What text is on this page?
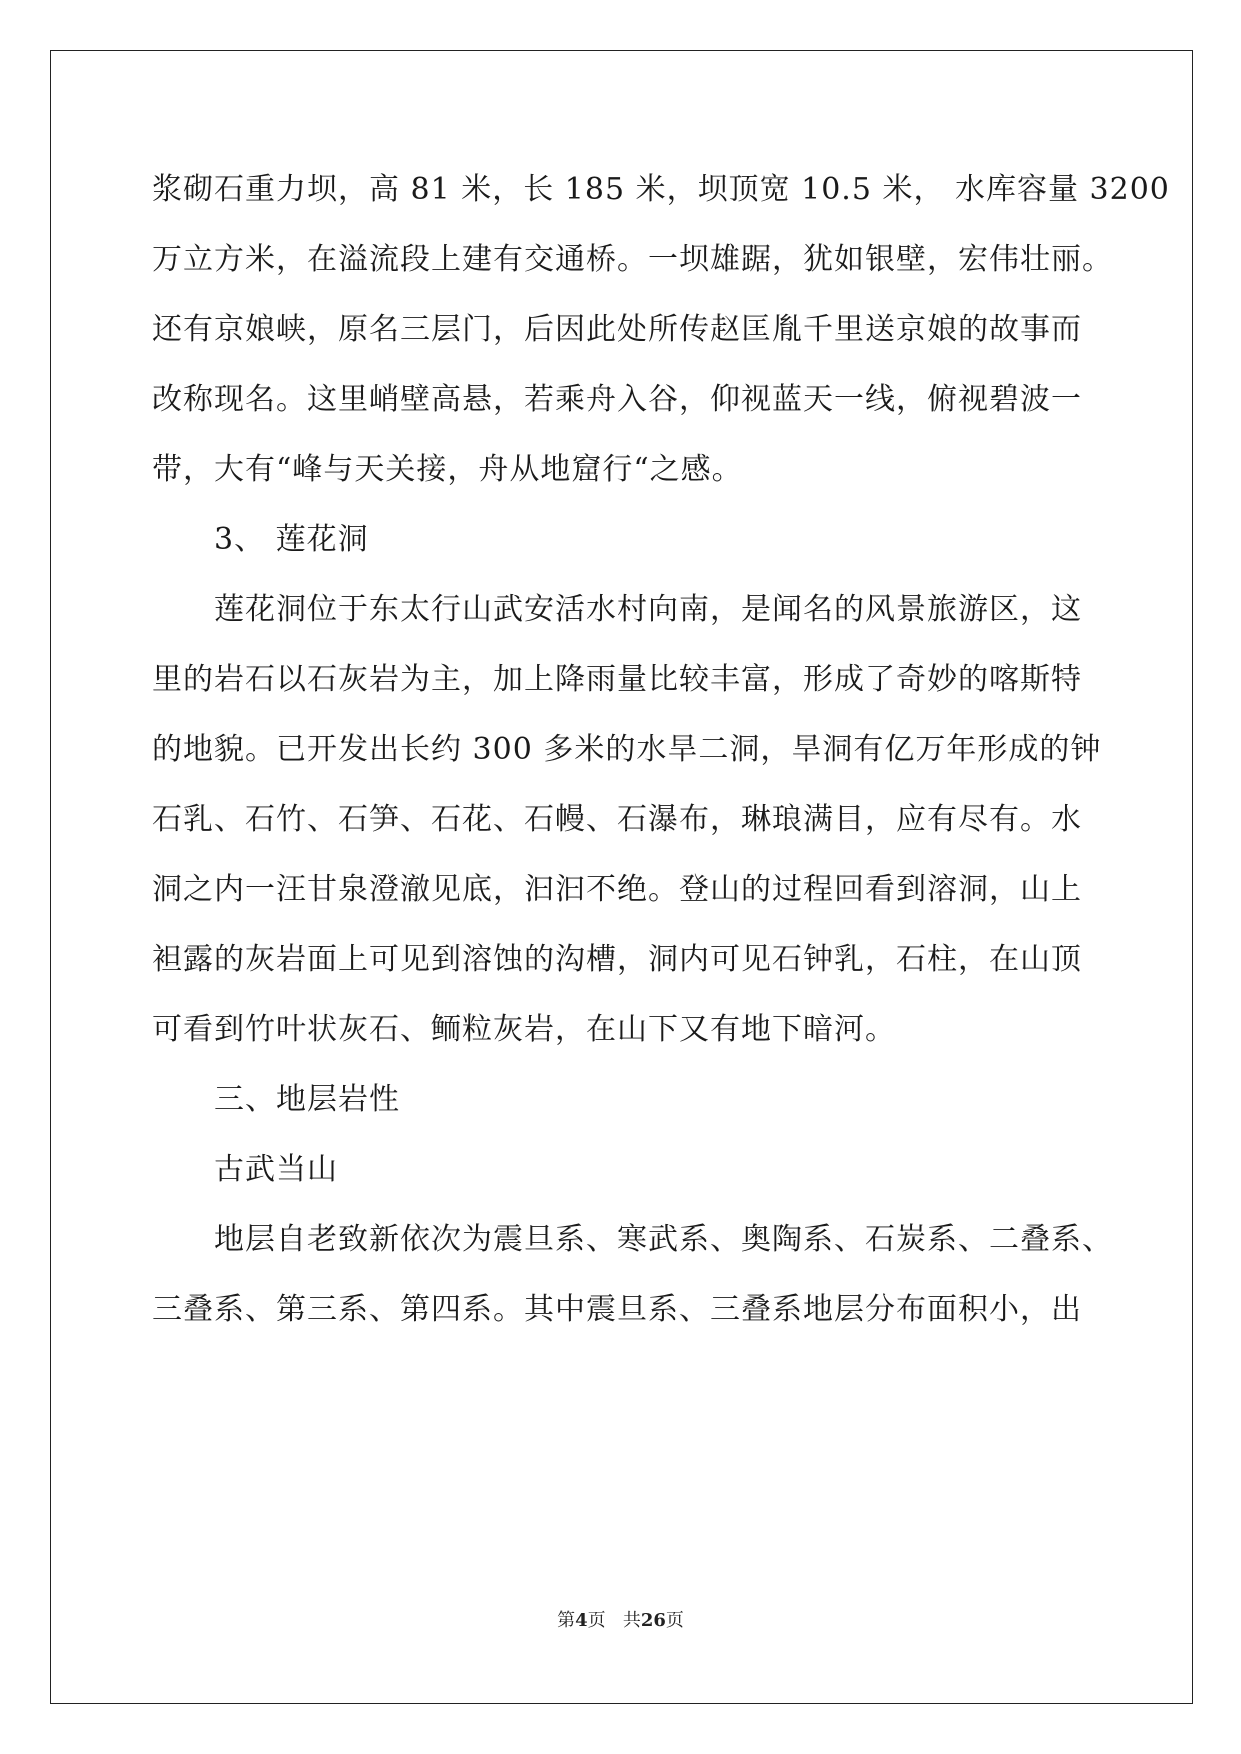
浆砌石重力坝，高 81 米，长 185 米，坝顶宽 10.5 米， 水库容量 3200
万立方米，在溢流段上建有交通桥。一坝雄踞，犹如银壁，宏伟壮丽。
还有京娘峡，原名三层门，后因此处所传赵匡胤千里送京娘的故事而
改称现名。这里峭壁高悬，若乘舟入谷，仰视蓝天一线，俯视碧波一
带，大有“峰与天关接，舟从地窟行“之感。
3、 莲花洞
莲花洞位于东太行山武安活水村向南，是闻名的风景旅游区，这
里的岩石以石灰岩为主，加上降雨量比较丰富，形成了奇妙的喀斯特
的地貌。已开发出长约 300 多米的水旱二洞，旱洞有亿万年形成的钟
石乳、石竹、石笋、石花、石幔、石瀑布，琳琅满目，应有尽有。水
洞之内一汪甘泉澄澈见底，汩汩不绝。登山的过程回看到溶洞，山上
袒露的灰岩面上可见到溶蚀的沟槽，洞内可见石钟乳，石柱，在山顶
可看到竹叶状灰石、鲕粒灰岩，在山下又有地下暗河。
三、地层岩性
古武当山
地层自老致新依次为震旦系、寒武系、奥陶系、石炭系、二叠系、
三叠系、第三系、第四系。其中震旦系、三叠系地层分布面积小，出
第4页 共26页
